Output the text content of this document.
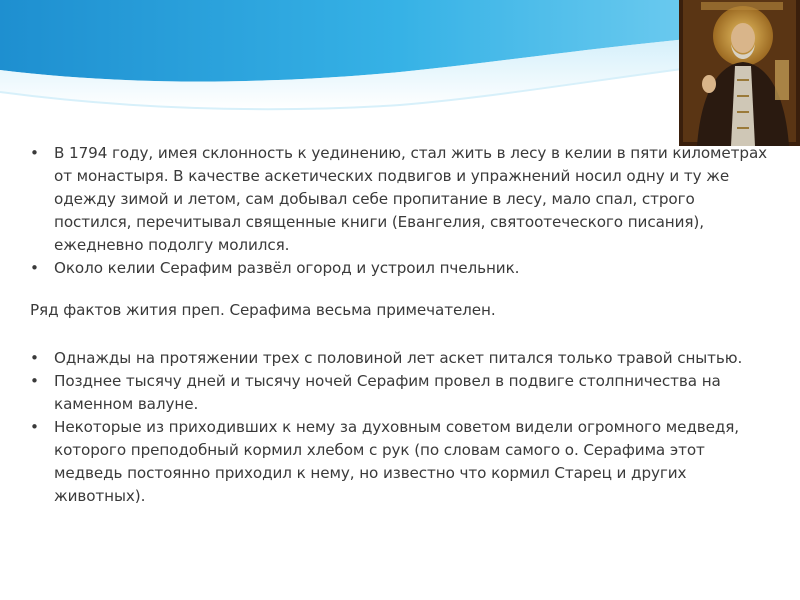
• В 1794 году, имея склонность к уединению, стал жить в лесу в келии в пяти километрах от монастыря. В качестве аскетических подвигов и упражнений носил одну и ту же одежду зимой и летом, сам добывал себе пропитание в лесу, мало спал, строго постился, перечитывал священные книги (Евангелия, святоотеческого писания), ежедневно подолгу молился.
• Около келии Серафим развёл огород и устроил пчельник.
Ряд фактов жития преп. Серафима весьма примечателен.
• Однажды на протяжении трех с половиной лет аскет питался только травой снытью.
• Позднее тысячу дней и тысячу ночей Серафим провел в подвиге столпничества на каменном валуне.
• Некоторые из приходивших к нему за духовным советом видели огромного медведя, которого преподобный кормил хлебом с рук (по словам самого о. Серафима этот медведь постоянно приходил к нему, но известно что кормил Старец и других животных).
